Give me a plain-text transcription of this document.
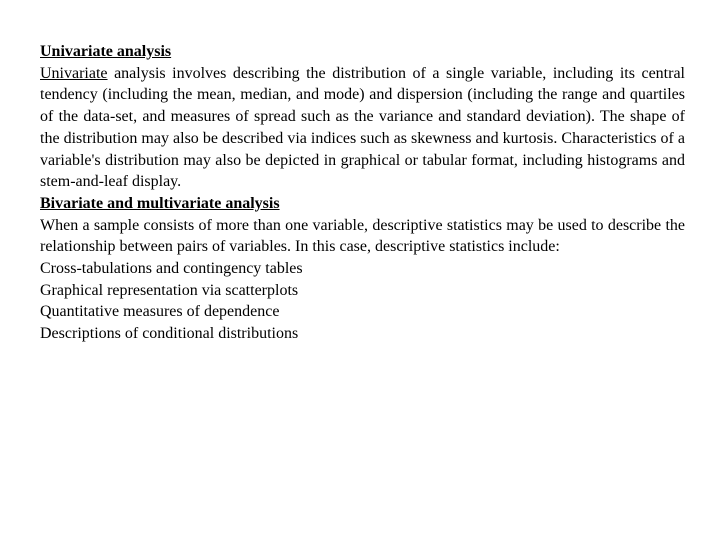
Univariate analysis

Univariate analysis involves describing the distribution of a single variable, including its central tendency (including the mean, median, and mode) and dispersion (including the range and quartiles of the data-set, and measures of spread such as the variance and standard deviation). The shape of the distribution may also be described via indices such as skewness and kurtosis. Characteristics of a variable's distribution may also be depicted in graphical or tabular format, including histograms and stem-and-leaf display.

Bivariate and multivariate analysis

When a sample consists of more than one variable, descriptive statistics may be used to describe the relationship between pairs of variables. In this case, descriptive statistics include:

Cross-tabulations and contingency tables

Graphical representation via scatterplots

Quantitative measures of dependence

Descriptions of conditional distributions
